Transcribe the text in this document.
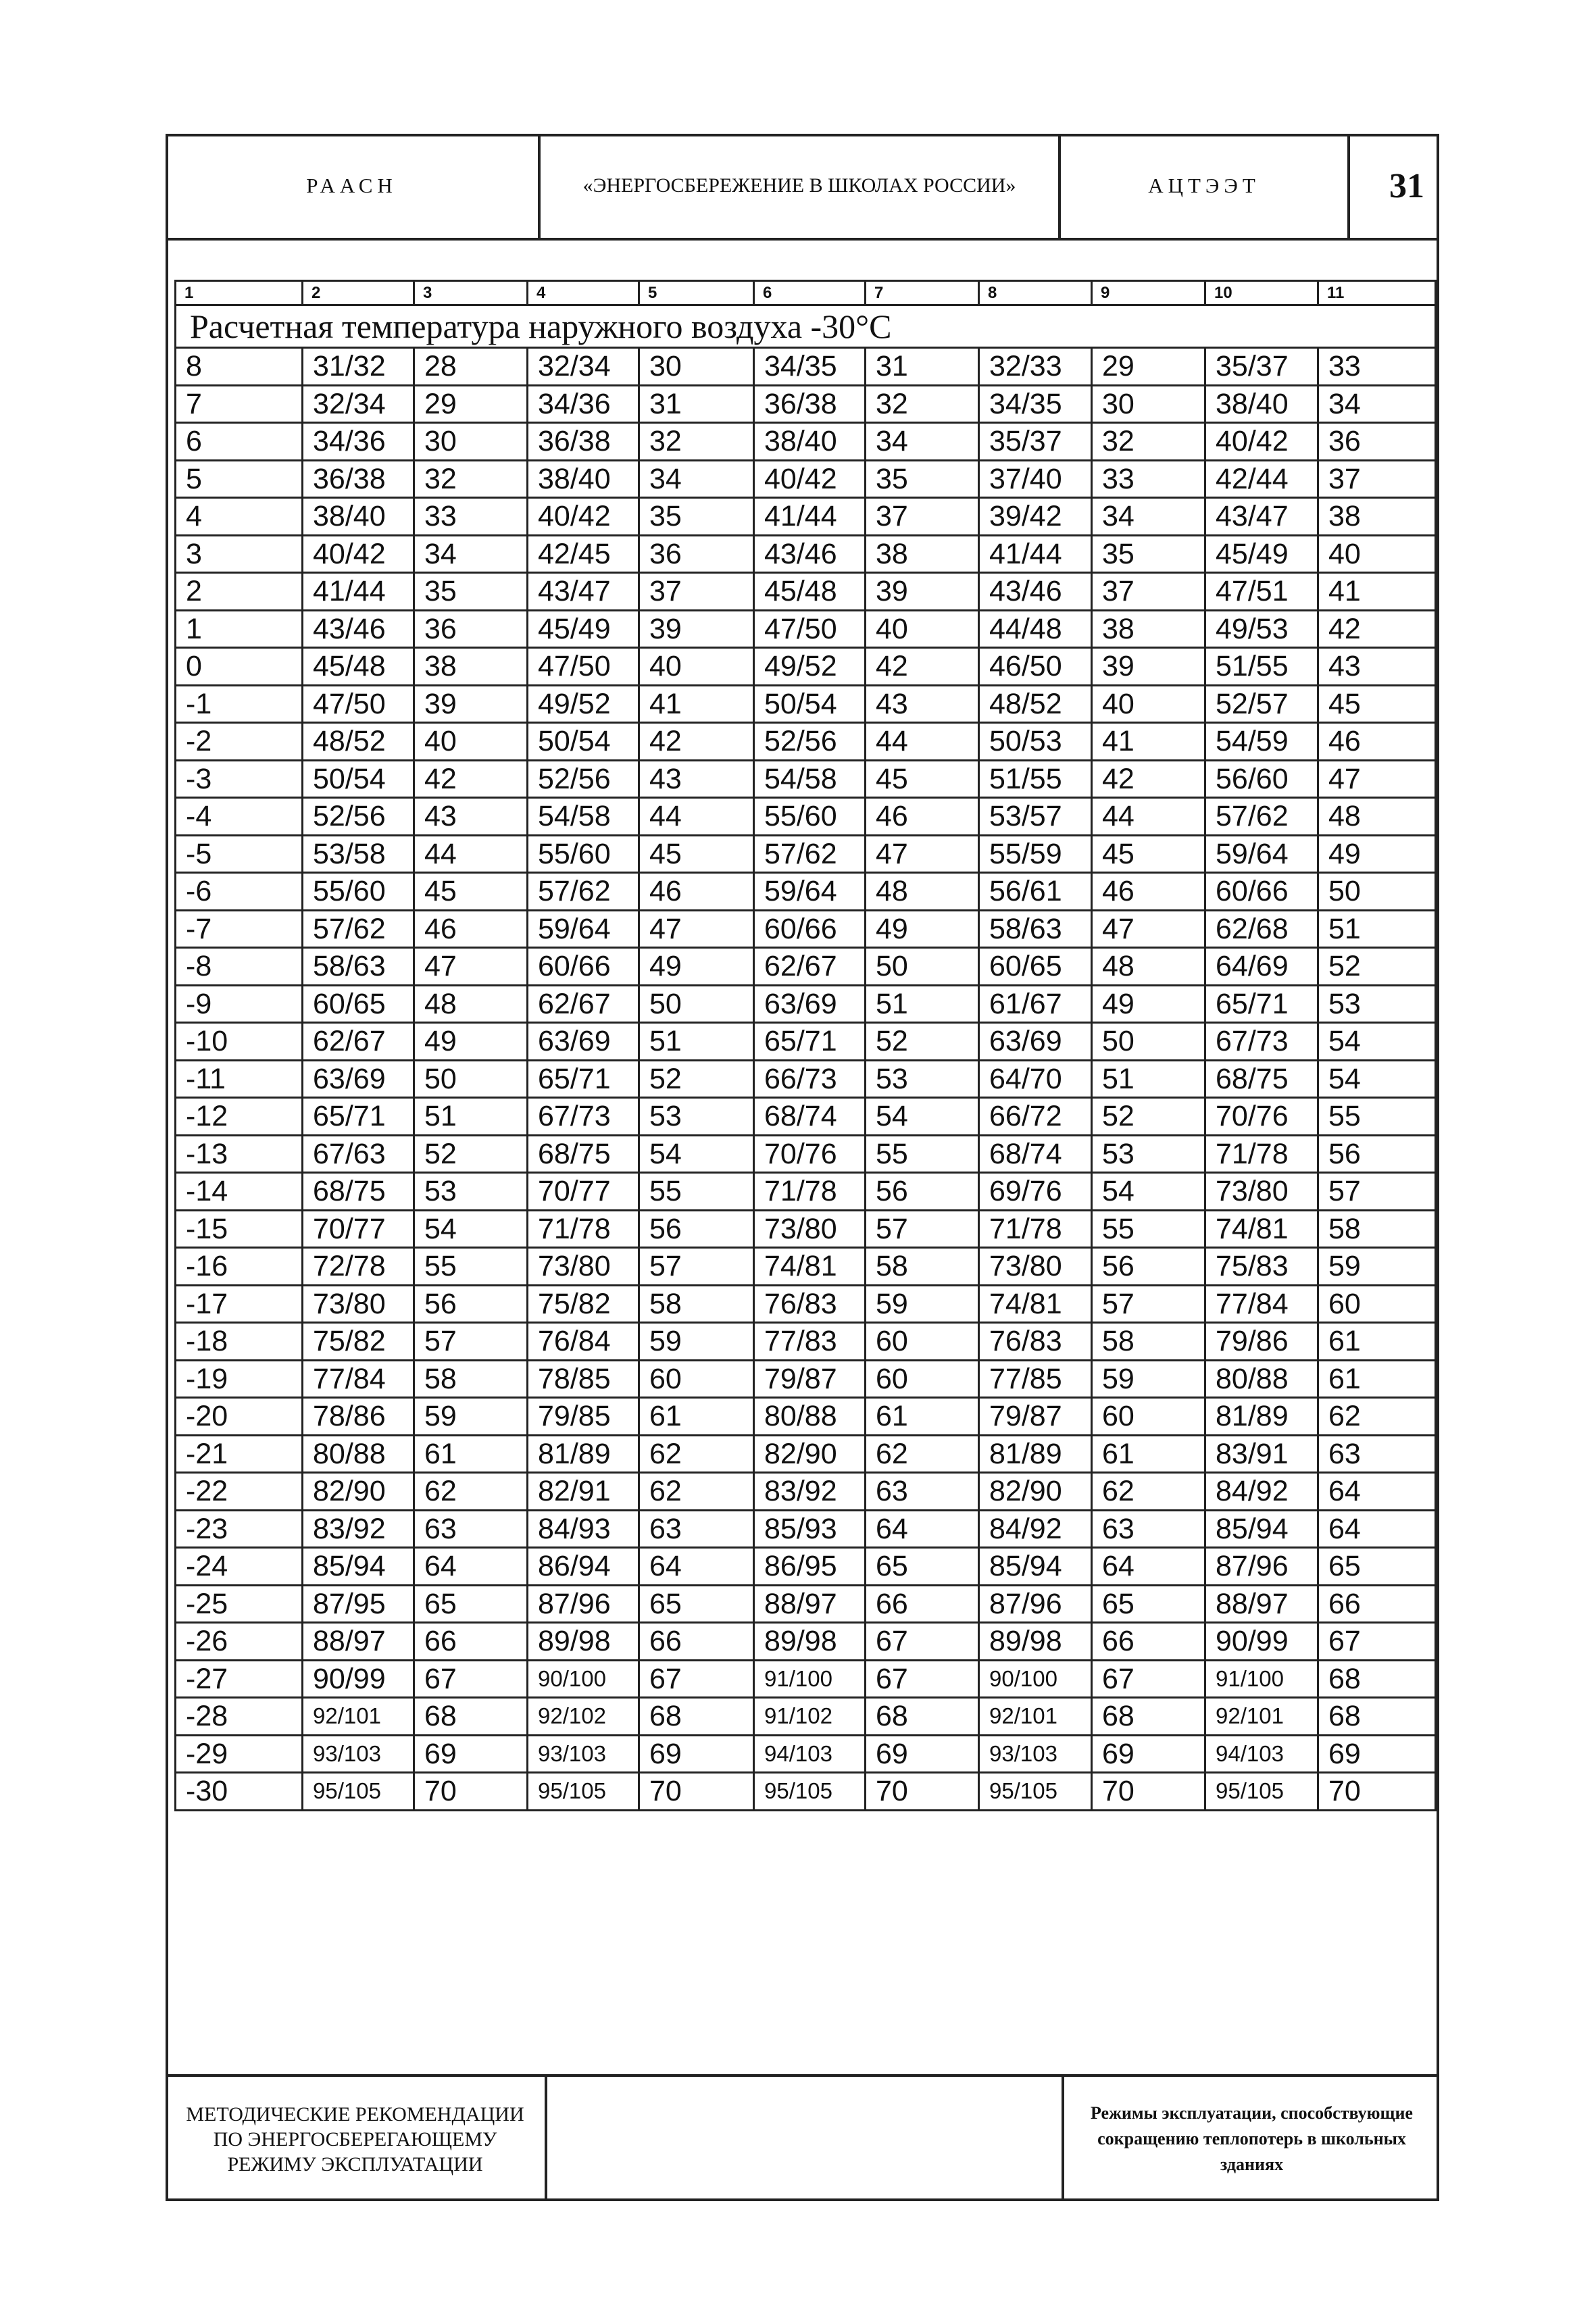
РААСН	«ЭНЕРГОСБЕРЕЖЕНИЕ В ШКОЛАХ РОССИИ»	АЦТЭЭТ	31
1	2	3	4	5	6	7	8	9	10	11
Расчетная температура наружного воздуха -30°С										
8	31/32	28	32/34	30	34/35	31	32/33	29	35/37	33
7	32/34	29	34/36	31	36/38	32	34/35	30	38/40	34
6	34/36	30	36/38	32	38/40	34	35/37	32	40/42	36
5	36/38	32	38/40	34	40/42	35	37/40	33	42/44	37
4	38/40	33	40/42	35	41/44	37	39/42	34	43/47	38
3	40/42	34	42/45	36	43/46	38	41/44	35	45/49	40
2	41/44	35	43/47	37	45/48	39	43/46	37	47/51	41
1	43/46	36	45/49	39	47/50	40	44/48	38	49/53	42
0	45/48	38	47/50	40	49/52	42	46/50	39	51/55	43
-1	47/50	39	49/52	41	50/54	43	48/52	40	52/57	45
-2	48/52	40	50/54	42	52/56	44	50/53	41	54/59	46
-3	50/54	42	52/56	43	54/58	45	51/55	42	56/60	47
-4	52/56	43	54/58	44	55/60	46	53/57	44	57/62	48
-5	53/58	44	55/60	45	57/62	47	55/59	45	59/64	49
-6	55/60	45	57/62	46	59/64	48	56/61	46	60/66	50
-7	57/62	46	59/64	47	60/66	49	58/63	47	62/68	51
-8	58/63	47	60/66	49	62/67	50	60/65	48	64/69	52
-9	60/65	48	62/67	50	63/69	51	61/67	49	65/71	53
-10	62/67	49	63/69	51	65/71	52	63/69	50	67/73	54
-11	63/69	50	65/71	52	66/73	53	64/70	51	68/75	54
-12	65/71	51	67/73	53	68/74	54	66/72	52	70/76	55
-13	67/63	52	68/75	54	70/76	55	68/74	53	71/78	56
-14	68/75	53	70/77	55	71/78	56	69/76	54	73/80	57
-15	70/77	54	71/78	56	73/80	57	71/78	55	74/81	58
-16	72/78	55	73/80	57	74/81	58	73/80	56	75/83	59
-17	73/80	56	75/82	58	76/83	59	74/81	57	77/84	60
-18	75/82	57	76/84	59	77/83	60	76/83	58	79/86	61
-19	77/84	58	78/85	60	79/87	60	77/85	59	80/88	61
-20	78/86	59	79/85	61	80/88	61	79/87	60	81/89	62
-21	80/88	61	81/89	62	82/90	62	81/89	61	83/91	63
-22	82/90	62	82/91	62	83/92	63	82/90	62	84/92	64
-23	83/92	63	84/93	63	85/93	64	84/92	63	85/94	64
-24	85/94	64	86/94	64	86/95	65	85/94	64	87/96	65
-25	87/95	65	87/96	65	88/97	66	87/96	65	88/97	66
-26	88/97	66	89/98	66	89/98	67	89/98	66	90/99	67
-27	90/99	67	90/100	67	91/100	67	90/100	67	91/100	68
-28	92/101	68	92/102	68	91/102	68	92/101	68	92/101	68
-29	93/103	69	93/103	69	94/103	69	93/103	69	94/103	69
-30	95/105	70	95/105	70	95/105	70	95/105	70	95/105	70
МЕТОДИЧЕСКИЕ РЕКОМЕНДАЦИИ ПО ЭНЕРГОСБЕРЕГАЮЩЕМУ РЕЖИМУ ЭКСПЛУАТАЦИИ
Режимы эксплуатации, способствующие сокращению теплопотерь в школьных зданиях
